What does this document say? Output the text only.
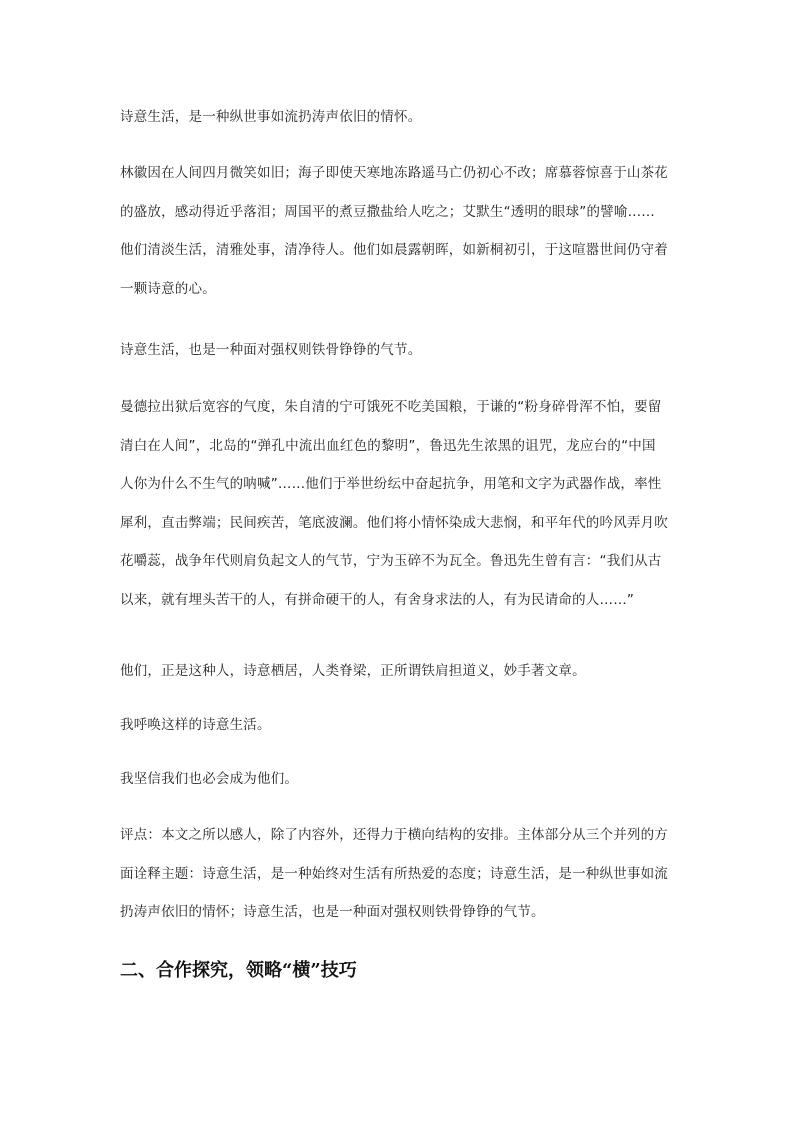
诗意生活，是一种纵世事如流扔涛声依旧的情怀。
林徽因在人间四月微笑如旧；海子即使天寒地冻路遥马亡仍初心不改；席慕蓉惊喜于山茶花
的盛放，感动得近乎落泪；周国平的煮豆撒盐给人吃之；艾默生“透明的眼球”的譬喻……
他们清淡生活，清雅处事，清净待人。他们如晨露朝晖，如新桐初引，于这喧嚣世间仍守着
一颗诗意的心。
诗意生活，也是一种面对强权则铁骨铮铮的气节。
曼德拉出狱后宽容的气度，朱自清的宁可饿死不吃美国粮，于谦的“粉身碎骨浑不怕，要留
清白在人间”，北岛的“弹孔中流出血红色的黎明”，鲁迅先生浓黑的诅咒，龙应台的“中国
人你为什么不生气的呐喊”……他们于举世纷纭中奋起抗争，用笔和文字为武器作战，率性
犀利，直击弊端；民间疾苦，笔底波澜。他们将小情怀染成大悲悯，和平年代的吟风弄月吹
花嚼蕊，战争年代则肩负起文人的气节，宁为玉碎不为瓦全。鲁迅先生曾有言：“我们从古
以来，就有埋头苦干的人，有拼命硬干的人，有舍身求法的人，有为民请命的人……”
他们，正是这种人，诗意栖居，人类脊梁，正所谓铁肩担道义，妙手著文章。
我呼唤这样的诗意生活。
我坚信我们也必会成为他们。
评点：本文之所以感人，除了内容外，还得力于横向结构的安排。主体部分从三个并列的方
面诠释主题：诗意生活，是一种始终对生活有所热爱的态度；诗意生活，是一种纵世事如流
扔涛声依旧的情怀；诗意生活，也是一种面对强权则铁骨铮铮的气节。
二、合作探究，领略“横”技巧
